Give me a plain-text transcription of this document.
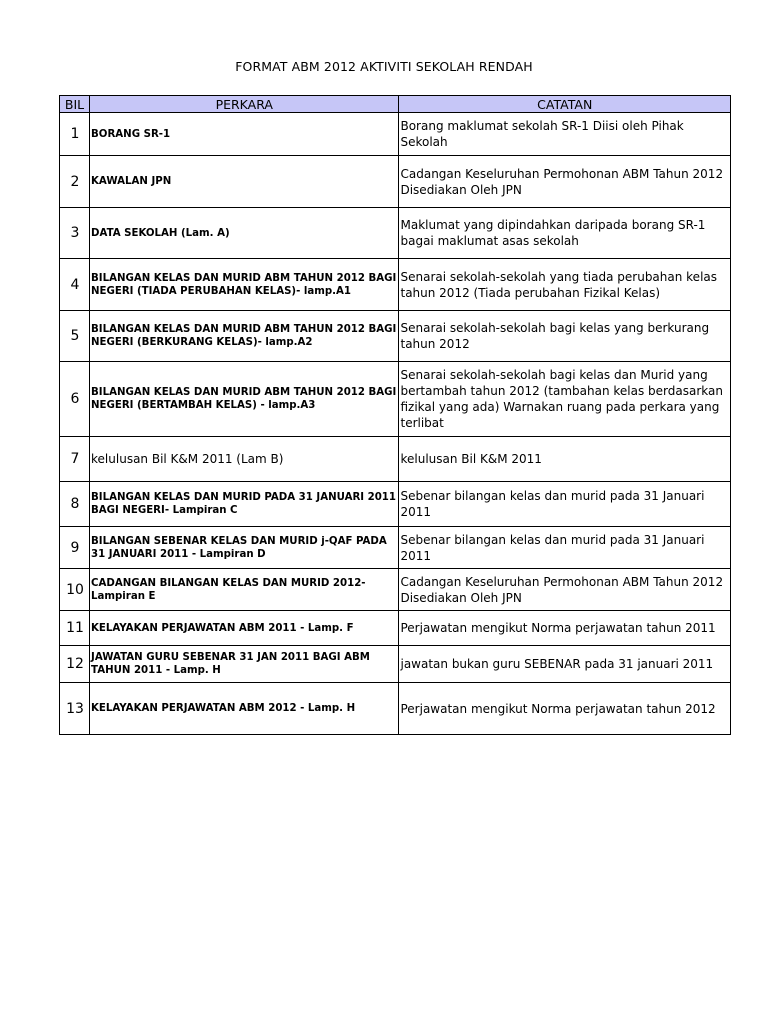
FORMAT ABM 2012 AKTIVITI SEKOLAH RENDAH
BIL	PERKARA	CATATAN
1	BORANG SR-1	Borang maklumat sekolah SR-1 Diisi oleh Pihak Sekolah
2	KAWALAN JPN	Cadangan Keseluruhan Permohonan ABM Tahun 2012 Disediakan Oleh JPN
3	DATA SEKOLAH (Lam. A)	Maklumat yang dipindahkan daripada borang SR-1 bagai maklumat asas sekolah
4	BILANGAN KELAS DAN MURID ABM TAHUN 2012 BAGI NEGERI (TIADA PERUBAHAN KELAS)- lamp.A1	Senarai sekolah-sekolah yang tiada perubahan kelas tahun 2012 (Tiada perubahan Fizikal Kelas)
5	BILANGAN KELAS DAN MURID ABM TAHUN 2012 BAGI NEGERI (BERKURANG KELAS)- lamp.A2	Senarai sekolah-sekolah bagi kelas yang berkurang tahun 2012
6	BILANGAN KELAS DAN MURID ABM TAHUN 2012 BAGI NEGERI (BERTAMBAH KELAS) - lamp.A3	Senarai sekolah-sekolah bagi kelas dan Murid yang bertambah tahun 2012 (tambahan kelas berdasarkan fizikal yang ada) Warnakan ruang pada perkara yang terlibat
7	kelulusan Bil K&M 2011 (Lam B)	kelulusan Bil K&M 2011
8	BILANGAN KELAS DAN MURID PADA 31 JANUARI 2011 BAGI NEGERI- Lampiran C	Sebenar bilangan kelas dan murid pada 31 Januari 2011
9	BILANGAN SEBENAR KELAS DAN MURID j-QAF PADA 31 JANUARI 2011 - Lampiran D	Sebenar bilangan kelas dan murid pada 31 Januari 2011
10	CADANGAN BILANGAN KELAS DAN MURID 2012- Lampiran E	Cadangan Keseluruhan Permohonan ABM Tahun 2012 Disediakan Oleh JPN
11	KELAYAKAN PERJAWATAN ABM 2011 - Lamp. F	Perjawatan mengikut Norma perjawatan tahun 2011
12	JAWATAN GURU SEBENAR 31 JAN 2011 BAGI ABM TAHUN 2011 - Lamp. H	jawatan bukan guru SEBENAR pada 31 januari 2011
13	KELAYAKAN PERJAWATAN ABM 2012 - Lamp. H	Perjawatan mengikut Norma perjawatan tahun 2012
